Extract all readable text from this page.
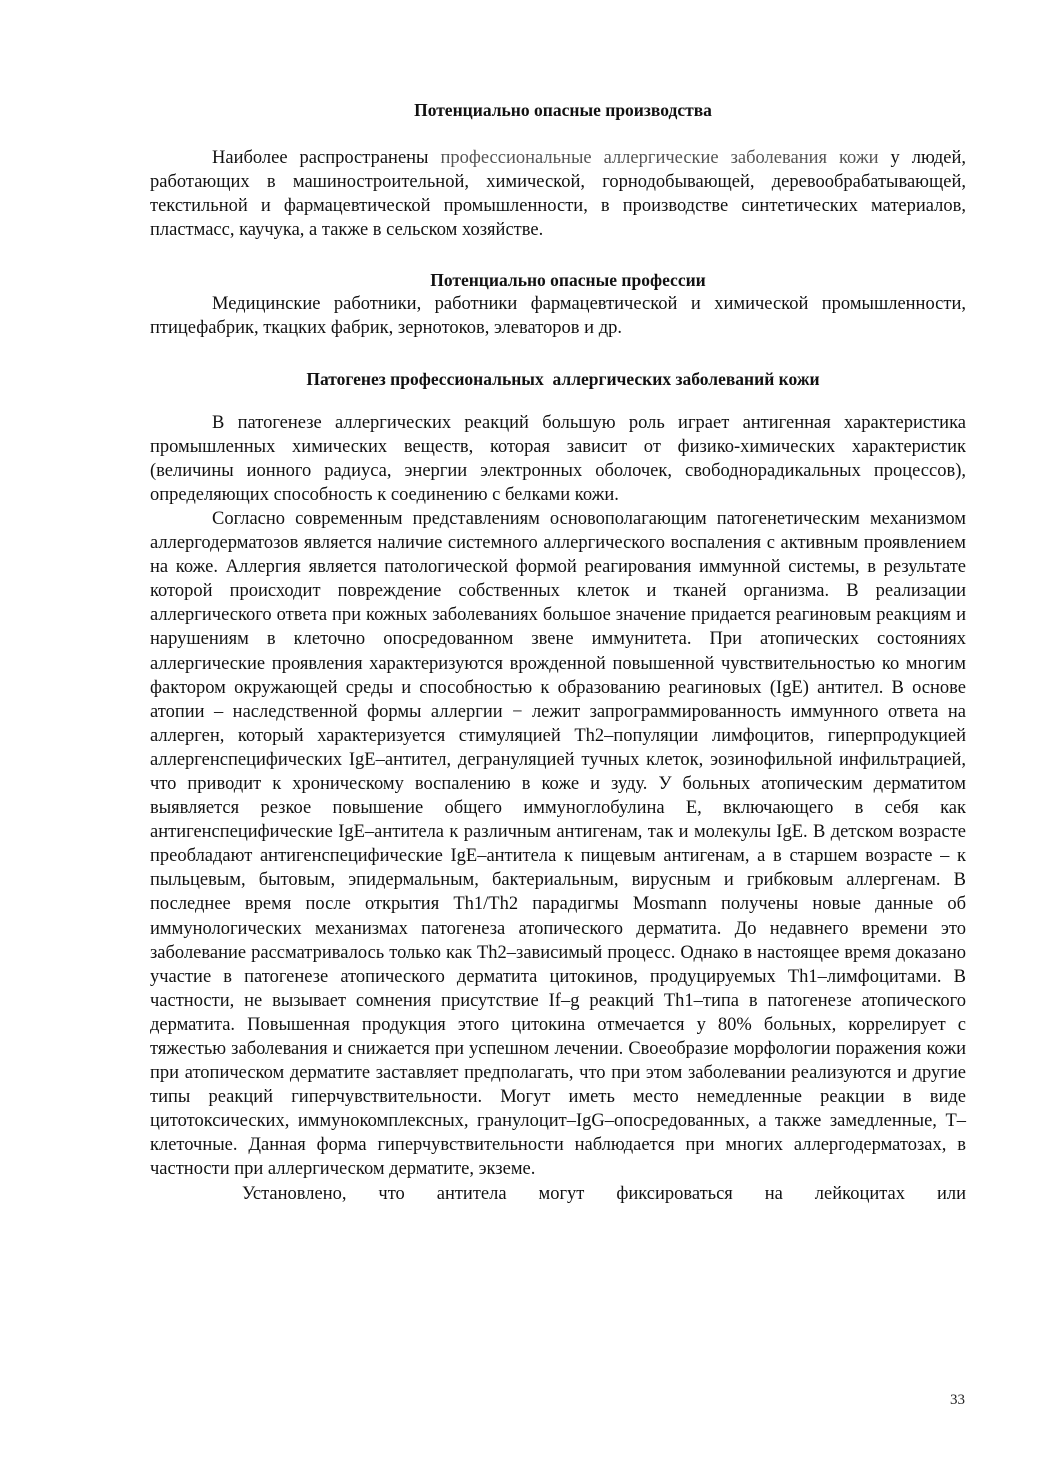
Потенциально опасные производства

Наиболее распространены профессиональные аллергические заболевания кожи у людей, работающих в машиностроительной, химической, горнодобывающей, деревообрабатывающей, текстильной и фармацевтической промышленности, в производстве синтетических материалов, пластмасс, каучука, а также в сельском хозяйстве.

Потенциально опасные профессии

Медицинские работники, работники фармацевтической и химической промышленности, птицефабрик, ткацких фабрик, зернотоков, элеваторов и др.

Патогенез профессиональных  аллергических заболеваний кожи

В патогенезе аллергических реакций большую роль играет антигенная характеристика промышленных химических веществ, которая зависит от физико-химических характеристик (величины ионного радиуса, энергии электронных оболочек, свободнорадикальных процессов), определяющих способность к соединению с белками кожи.

Согласно современным представлениям основополагающим патогенетическим механизмом аллергодерматозов является наличие системного аллергического воспаления с активным проявлением на коже. Аллергия является патологической формой реагирования иммунной системы, в результате которой происходит повреждение собственных клеток и тканей организма. В реализации аллергического ответа при кожных заболеваниях большое значение придается реагиновым реакциям и нарушениям в клеточно опосредованном звене иммунитета. При атопических состояниях аллергические проявления характеризуются врожденной повышенной чувствительностью ко многим фактором окружающей среды и способностью к образованию реагиновых (IgE) антител. В основе атопии – наследственной формы аллергии − лежит запрограммированность иммунного ответа на аллерген, который характеризуется стимуляцией Th2–популяции лимфоцитов, гиперпродукцией аллергенспецифических IgE–антител, дегрануляцией тучных клеток, эозинофильной инфильтрацией, что приводит к хроническому воспалению в коже и зуду. У больных атопическим дерматитом выявляется резкое повышение общего иммуноглобулина Е, включающего в себя как антигенспецифические IgE–антитела к различным антигенам, так и молекулы IgE. В детском возрасте преобладают антигенспецифические IgE–антитела к пищевым антигенам, а в старшем возрасте – к пыльцевым, бытовым, эпидермальным, бактериальным, вирусным и грибковым аллергенам. В последнее время после открытия Th1/Th2 парадигмы Mosmann получены новые данные об иммунологических механизмах патогенеза атопического дерматита. До недавнего времени это заболевание рассматривалось только как Th2–зависимый процесс. Однако в настоящее время доказано участие в патогенезе атопического дерматита цитокинов, продуцируемых Th1–лимфоцитами. В частности, не вызывает сомнения присутствие If–g реакций Th1–типа в патогенезе атопического дерматита. Повышенная продукция этого цитокина отмечается у 80% больных, коррелирует с тяжестью заболевания и снижается при успешном лечении. Своеобразие морфологии поражения кожи при атопическом дерматите заставляет предполагать, что при этом заболевании реализуются и другие типы реакций гиперчувствительности. Могут иметь место немедленные реакции в виде цитотоксических, иммунокомплексных, гранулоцит–IgG–опосредованных, а также замедленные, Т–клеточные. Данная форма гиперчувствительности наблюдается при многих аллергодерматозах, в частности при аллергическом дерматите, экземе.

Установлено, что антитела могут фиксироваться на лейкоцитах или

33
